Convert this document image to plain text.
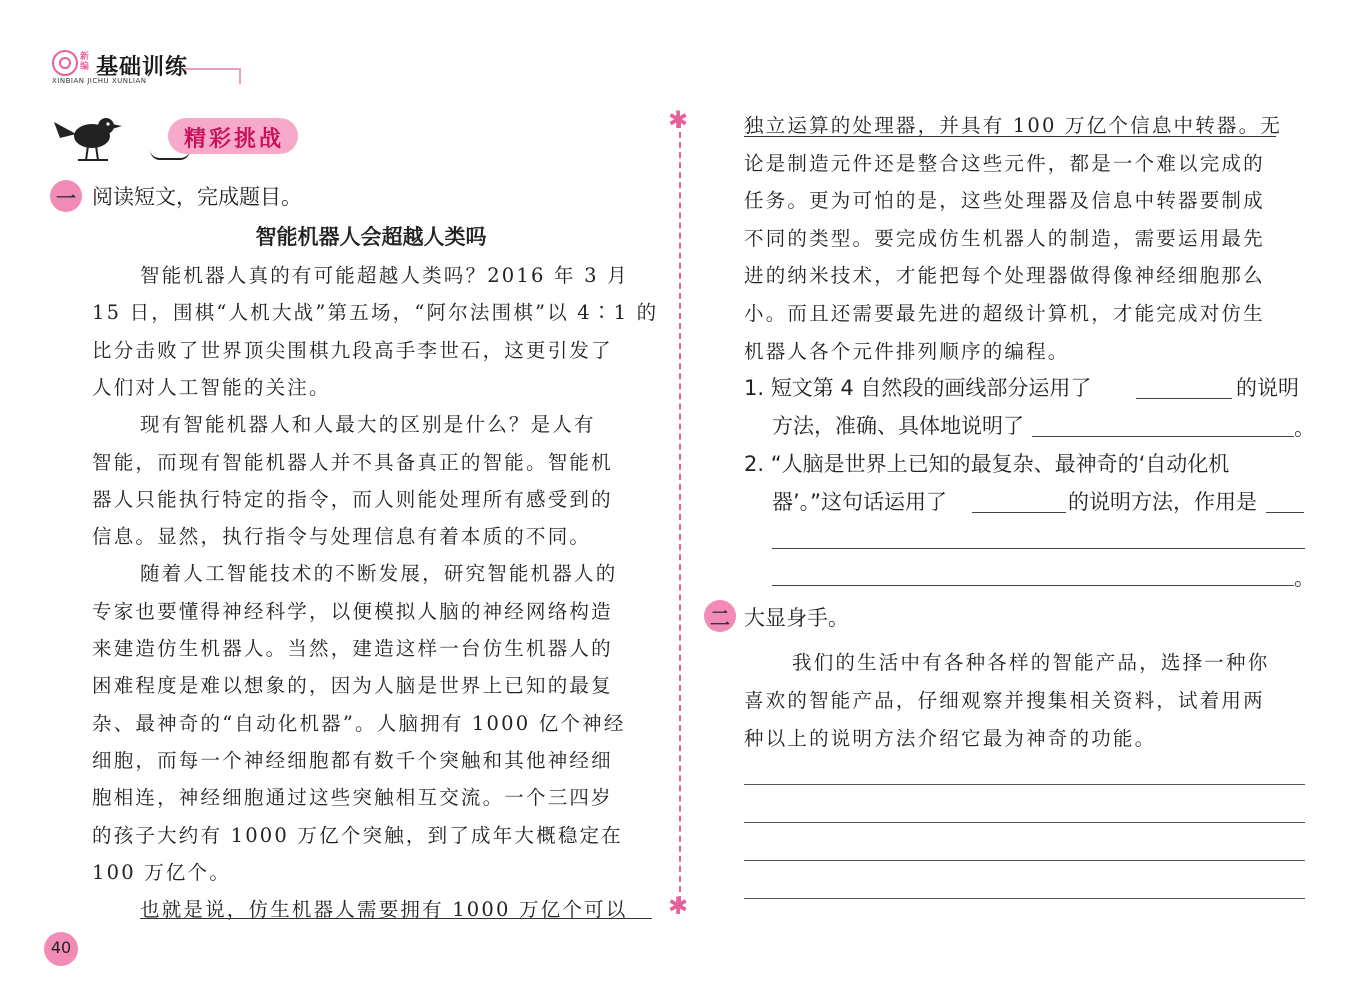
新编 基础训练
XINBIAN JICHU XUNLIAN
精彩挑战
一 阅读短文，完成题目。
智能机器人会超越人类吗
智能机器人真的有可能超越人类吗？2016 年 3 月
15 日，围棋“人机大战”第五场，“阿尔法围棋”以 4∶1 的
比分击败了世界顶尖围棋九段高手李世石，这更引发了
人们对人工智能的关注。
现有智能机器人和人最大的区别是什么？是人有
智能，而现有智能机器人并不具备真正的智能。智能机
器人只能执行特定的指令，而人则能处理所有感受到的
信息。显然，执行指令与处理信息有着本质的不同。
随着人工智能技术的不断发展，研究智能机器人的
专家也要懂得神经科学，以便模拟人脑的神经网络构造
来建造仿生机器人。当然，建造这样一台仿生机器人的
困难程度是难以想象的，因为人脑是世界上已知的最复
杂、最神奇的“自动化机器”。人脑拥有 1000 亿个神经
细胞，而每一个神经细胞都有数千个突触和其他神经细
胞相连，神经细胞通过这些突触相互交流。一个三四岁
的孩子大约有 1000 万亿个突触，到了成年大概稳定在
100 万亿个。
也就是说，仿生机器人需要拥有 1000 万亿个可以
✱
✱
独立运算的处理器，并具有 100 万亿个信息中转器。无
论是制造元件还是整合这些元件，都是一个难以完成的
任务。更为可怕的是，这些处理器及信息中转器要制成
不同的类型。要完成仿生机器人的制造，需要运用最先
进的纳米技术，才能把每个处理器做得像神经细胞那么
小。而且还需要最先进的超级计算机，才能完成对仿生
机器人各个元件排列顺序的编程。
1. 短文第 4 自然段的画线部分运用了	的说明
方法，准确、具体地说明了	。
2. “人脑是世界上已知的最复杂、最神奇的‘自动化机
器’。”这句话运用了	的说明方法，作用是
。
二 大显身手。
我们的生活中有各种各样的智能产品，选择一种你
喜欢的智能产品，仔细观察并搜集相关资料，试着用两
种以上的说明方法介绍它最为神奇的功能。
40
